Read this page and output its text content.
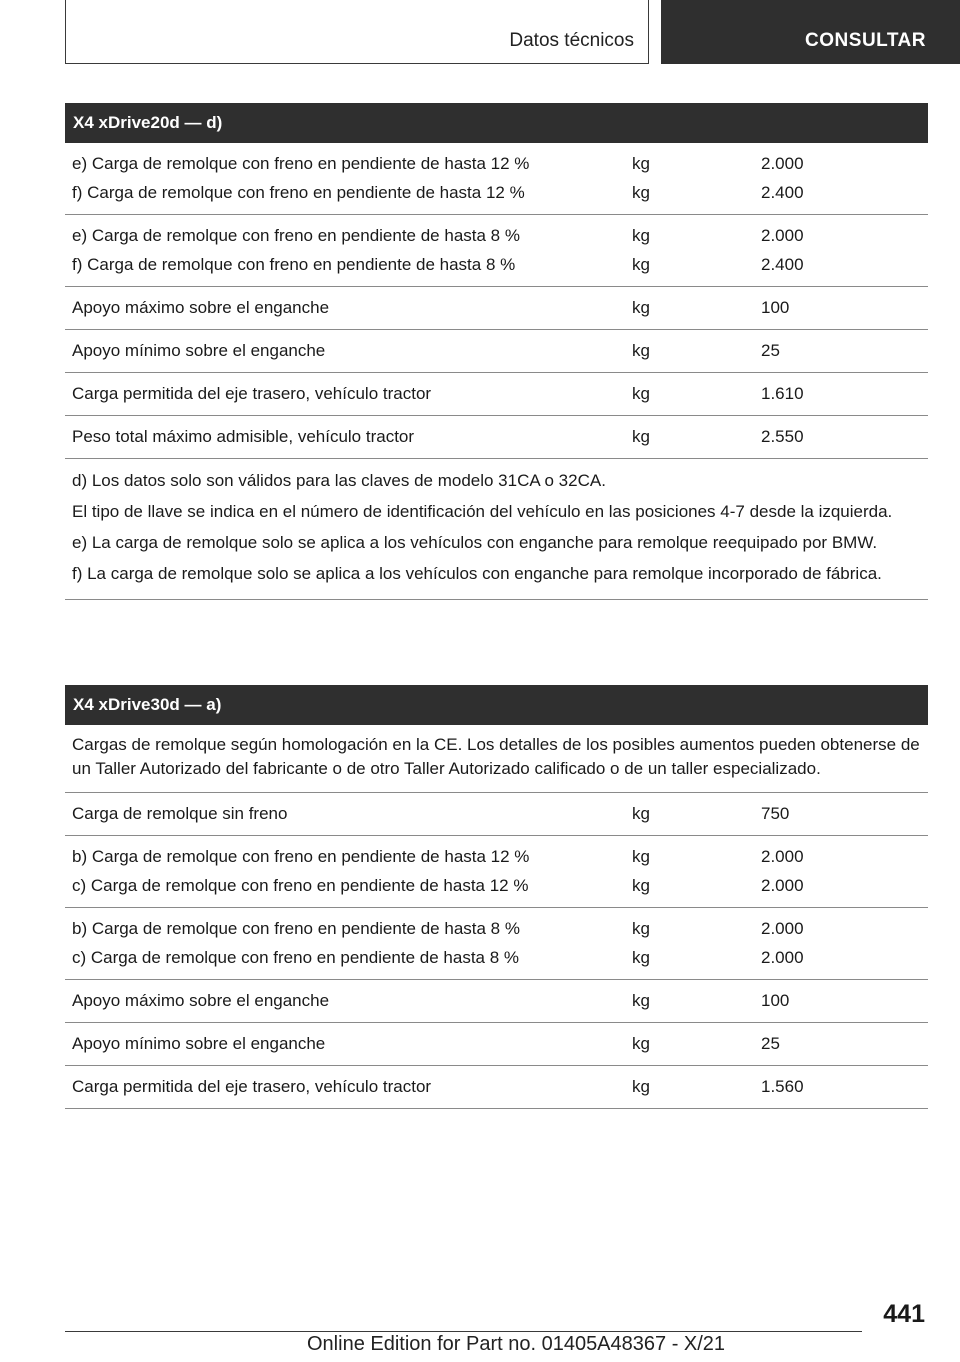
Datos técnicos	CONSULTAR
X4 xDrive20d — d)
e) Carga de remolque con freno en pendiente de hasta 12 %	kg	2.000
f) Carga de remolque con freno en pendiente de hasta 12 %	kg	2.400
e) Carga de remolque con freno en pendiente de hasta 8 %	kg	2.000
f) Carga de remolque con freno en pendiente de hasta 8 %	kg	2.400
Apoyo máximo sobre el enganche	kg	100
Apoyo mínimo sobre el enganche	kg	25
Carga permitida del eje trasero, vehículo tractor	kg	1.610
Peso total máximo admisible, vehículo tractor	kg	2.550
d) Los datos solo son válidos para las claves de modelo 31CA o 32CA.
El tipo de llave se indica en el número de identificación del vehículo en las posiciones 4-7 desde la izquierda.
e) La carga de remolque solo se aplica a los vehículos con enganche para remolque reequipado por BMW.
f) La carga de remolque solo se aplica a los vehículos con enganche para remolque incorporado de fábrica.
X4 xDrive30d — a)
Cargas de remolque según homologación en la CE. Los detalles de los posibles aumentos pueden obtenerse de un Taller Autorizado del fabricante o de otro Taller Autorizado calificado o de un taller especializado.
Carga de remolque sin freno	kg	750
b) Carga de remolque con freno en pendiente de hasta 12 %	kg	2.000
c) Carga de remolque con freno en pendiente de hasta 12 %	kg	2.000
b) Carga de remolque con freno en pendiente de hasta 8 %	kg	2.000
c) Carga de remolque con freno en pendiente de hasta 8 %	kg	2.000
Apoyo máximo sobre el enganche	kg	100
Apoyo mínimo sobre el enganche	kg	25
Carga permitida del eje trasero, vehículo tractor	kg	1.560
441
Online Edition for Part no. 01405A48367 - X/21
